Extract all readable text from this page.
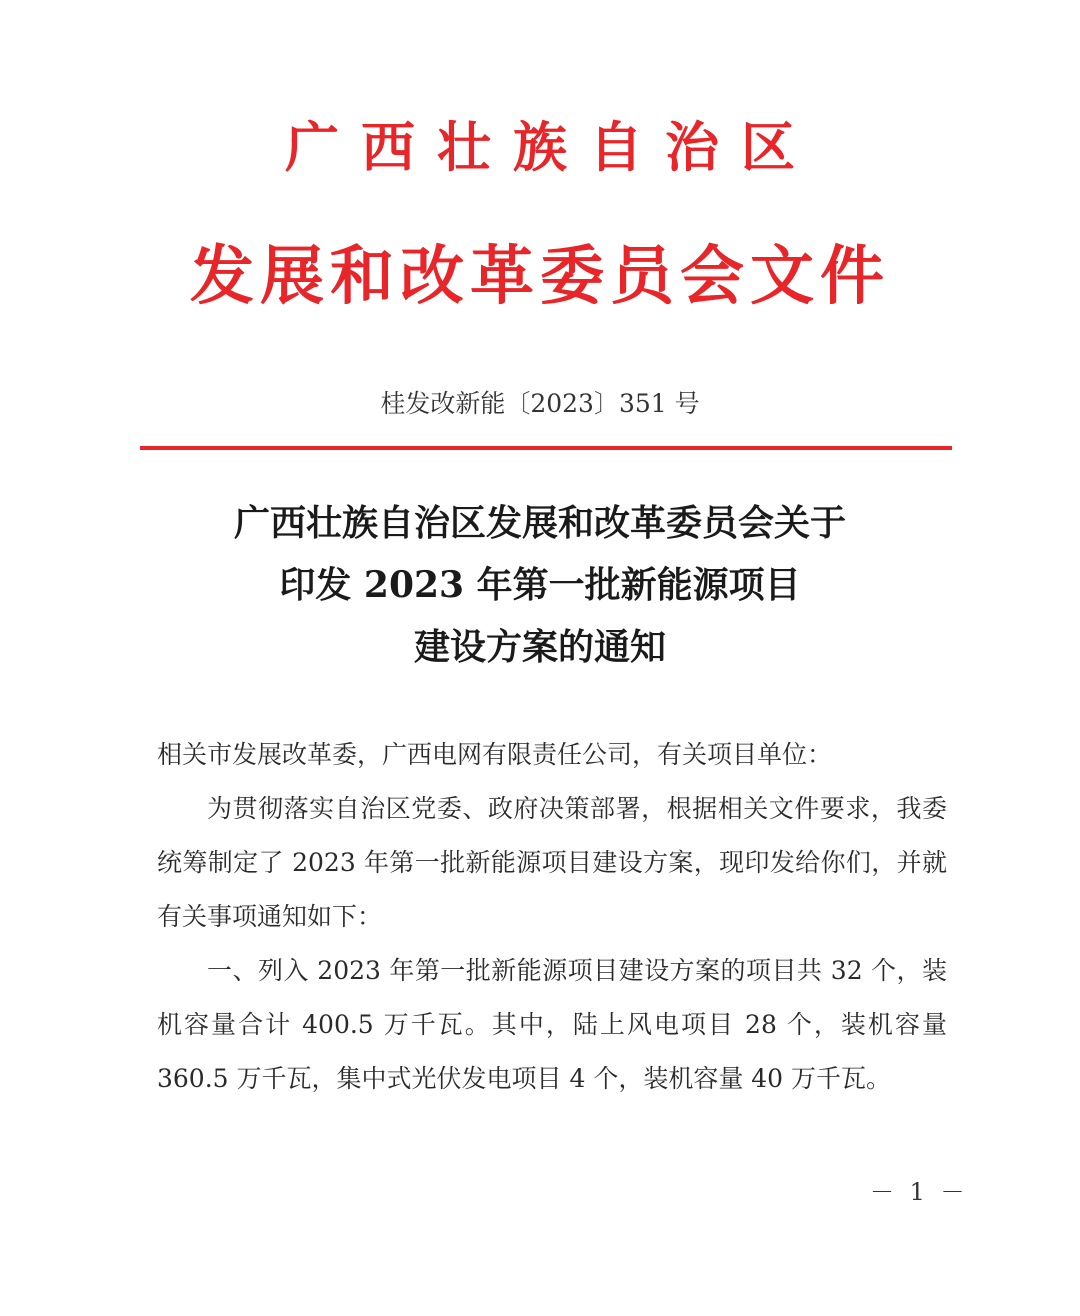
广西壮族自治区
发展和改革委员会文件
桂发改新能〔2023〕351 号
广西壮族自治区发展和改革委员会关于
印发 2023 年第一批新能源项目
建设方案的通知

相关市发展改革委，广西电网有限责任公司，有关项目单位：

为贯彻落实自治区党委、政府决策部署，根据相关文件要求，我委统筹制定了 2023 年第一批新能源项目建设方案，现印发给你们，并就有关事项通知如下：

一、列入 2023 年第一批新能源项目建设方案的项目共 32 个，装机容量合计 400.5 万千瓦。其中，陆上风电项目 28 个，装机容量 360.5 万千瓦，集中式光伏发电项目 4 个，装机容量 40 万千瓦。

－ 1 －
